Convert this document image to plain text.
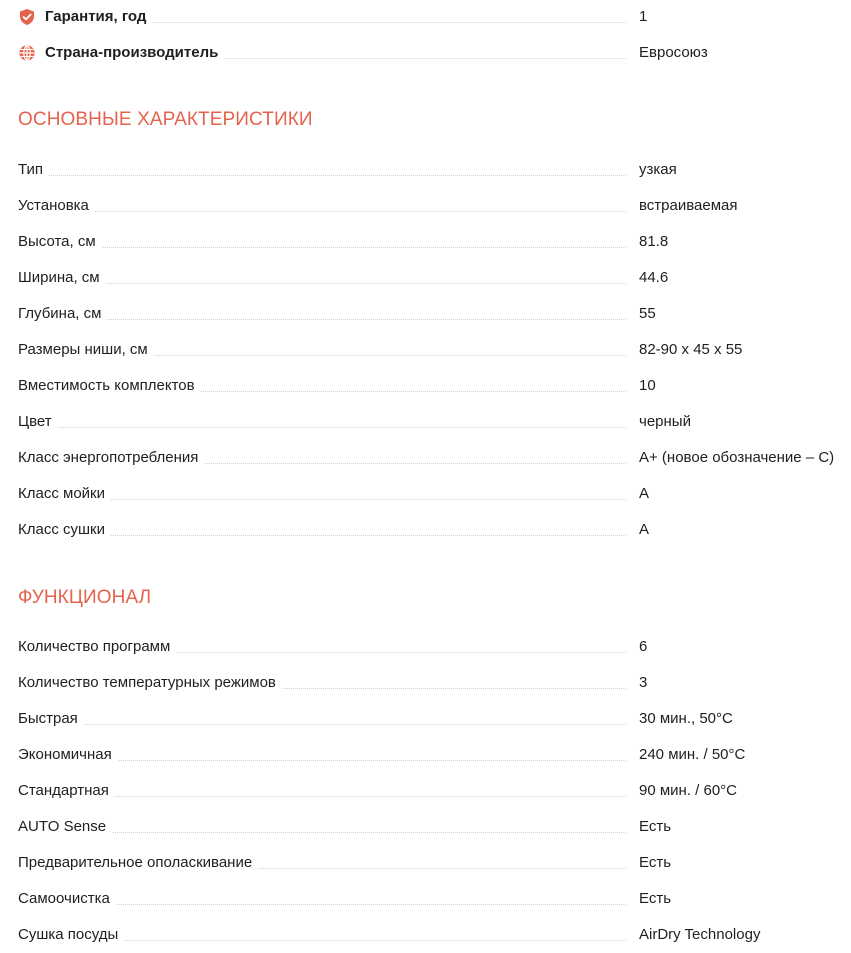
Гарантия, год	1
Страна-производитель	Евросоюз
ОСНОВНЫЕ ХАРАКТЕРИСТИКИ
Тип	узкая
Установка	встраиваемая
Высота, см	81.8
Ширина, см	44.6
Глубина, см	55
Размеры ниши, см	82-90 х 45 х 55
Вместимость комплектов	10
Цвет	черный
Класс энергопотребления	А+ (новое обозначение – С)
Класс мойки	А
Класс сушки	А
ФУНКЦИОНАЛ
Количество программ	6
Количество температурных режимов	3
Быстрая	30 мин., 50°С
Экономичная	240 мин. / 50°С
Стандартная	90 мин. / 60°С
AUTO Sense	Есть
Предварительное ополаскивание	Есть
Самоочистка	Есть
Сушка посуды	AirDry Technology
